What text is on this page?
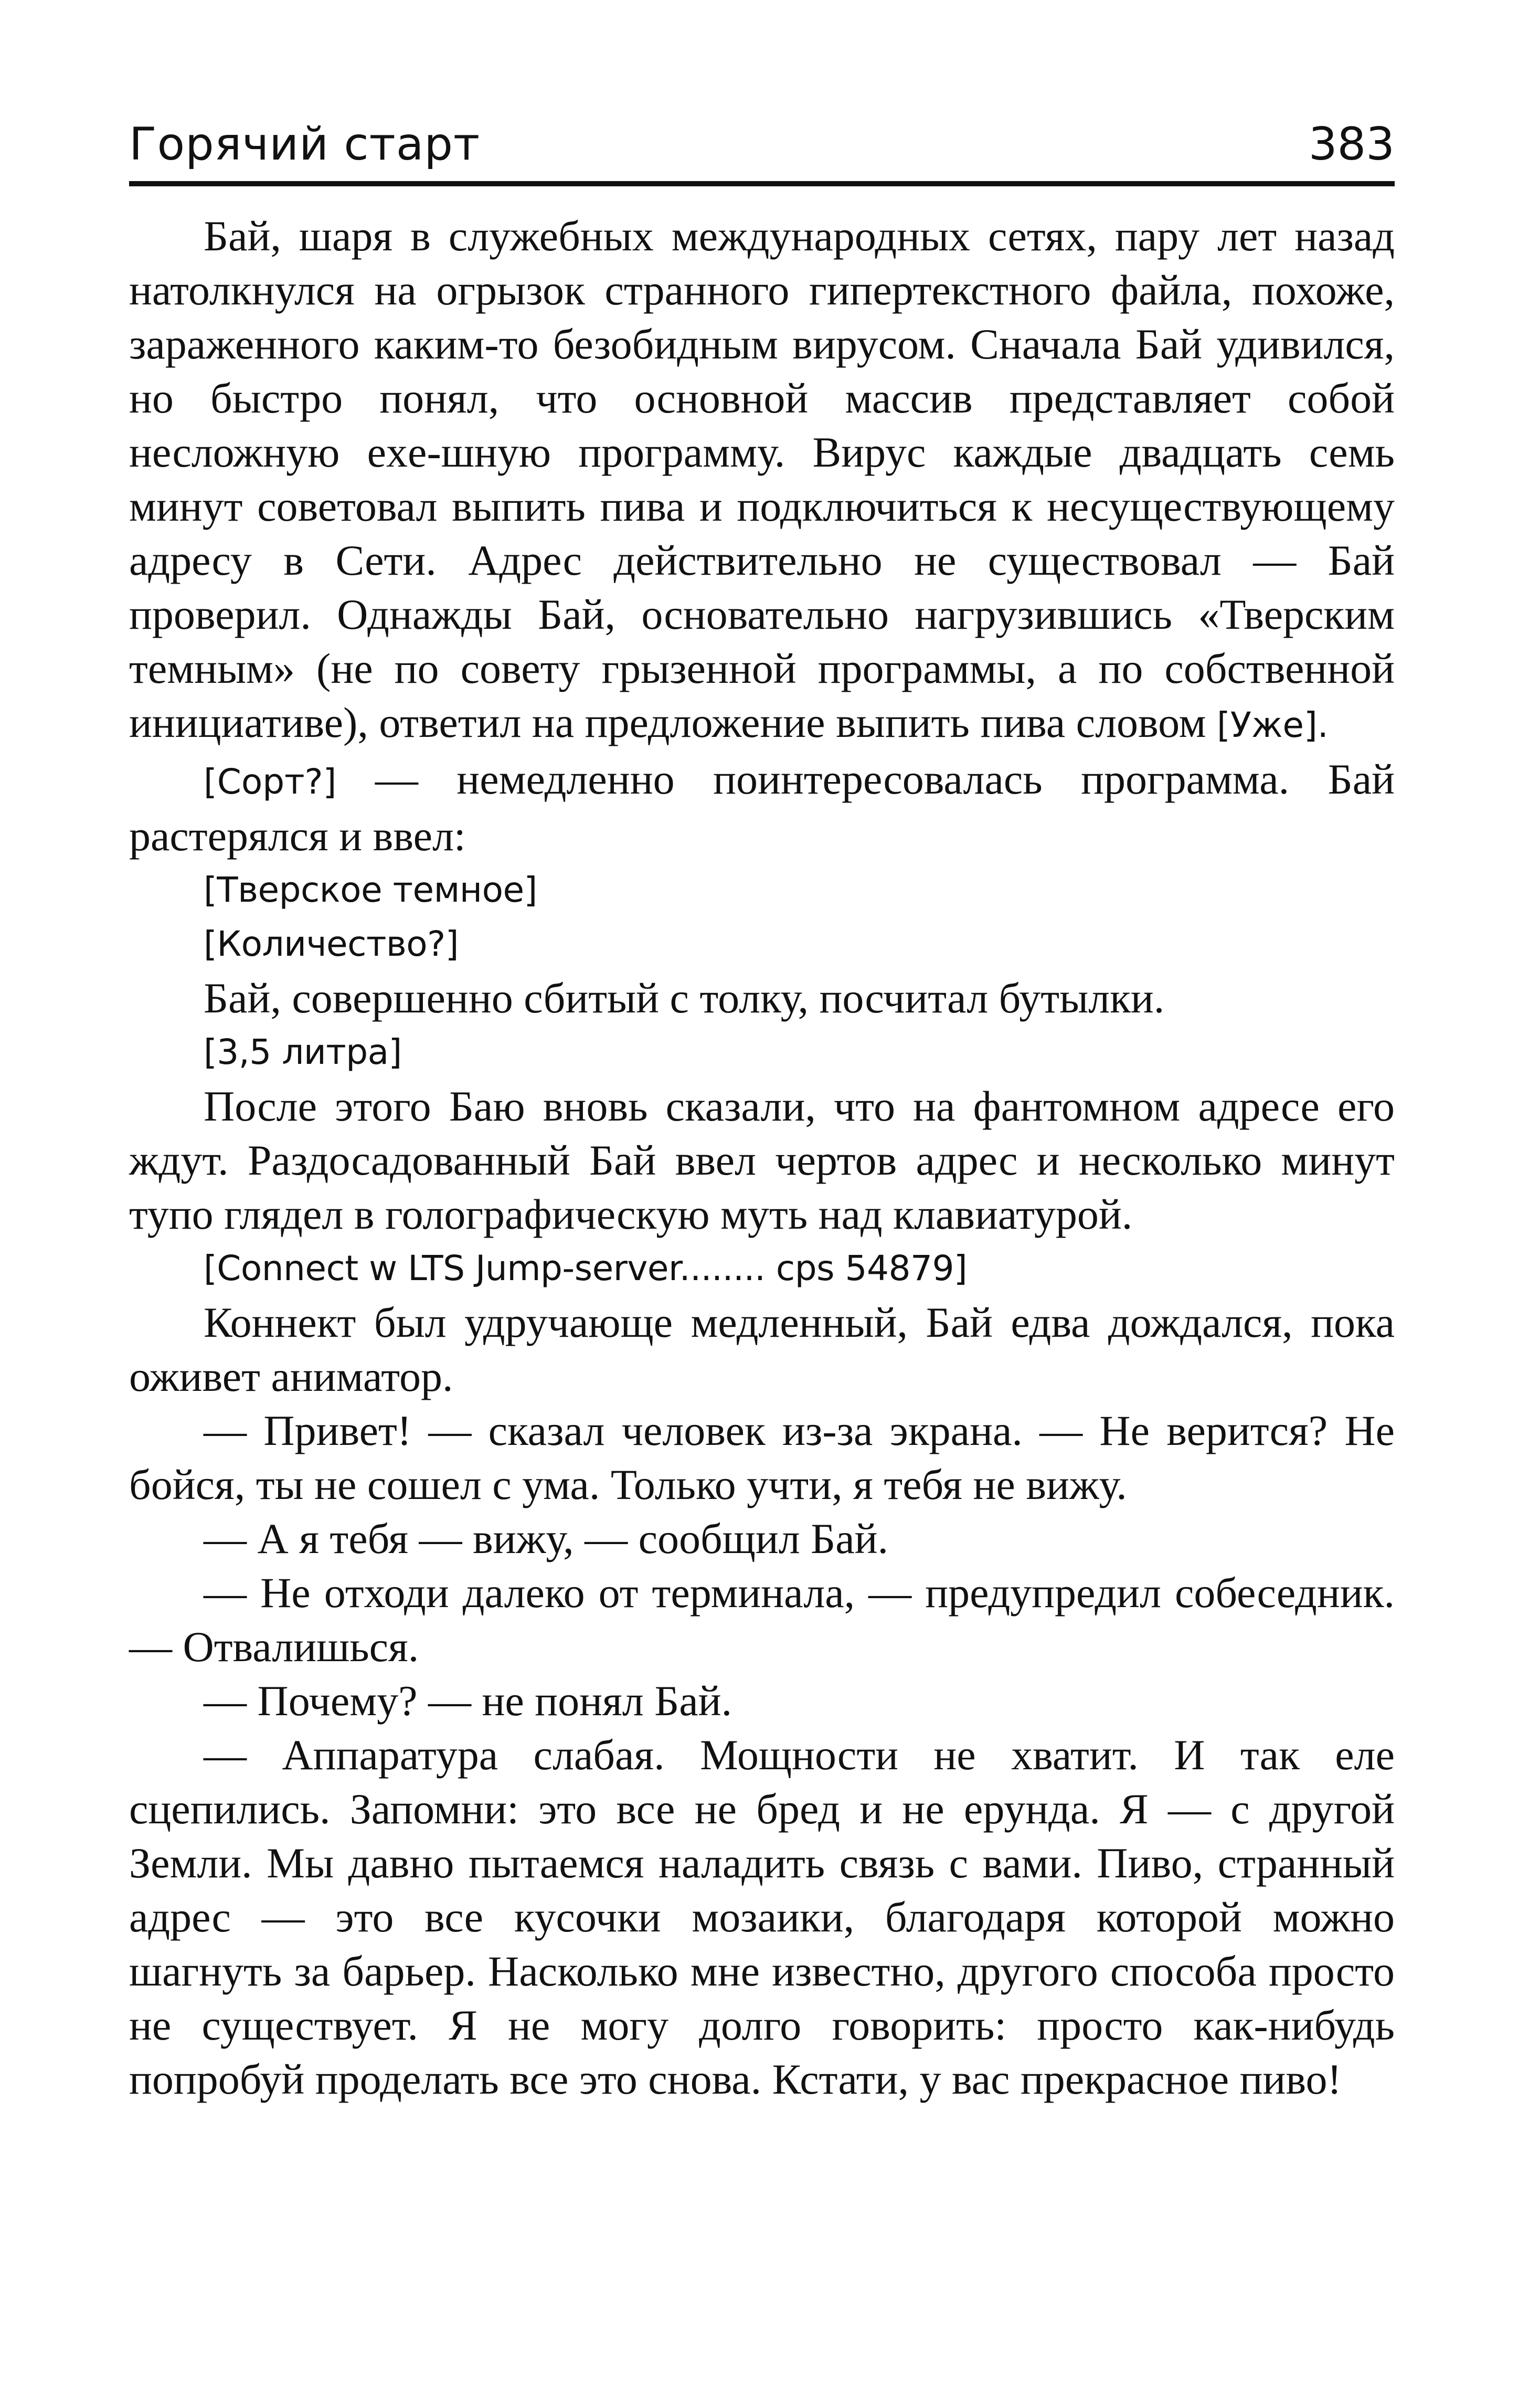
Горячий старт	383

Бай, шаря в служебных международных сетях, пару лет назад натолкнулся на огрызок странного гипертекстного файла, похоже, зараженного каким-то безобидным вирусом. Сначала Бай удивился, но быстро понял, что основной массив представляет собой несложную exe-шную программу. Вирус каждые двадцать семь минут советовал выпить пива и подключиться к несуществующему адресу в Сети. Адрес действительно не существовал — Бай проверил. Однажды Бай, основательно нагрузившись «Тверским темным» (не по совету грызенной программы, а по собственной инициативе), ответил на предложение выпить пива словом [Уже].

[Сорт?] — немедленно поинтересовалась программа. Бай растерялся и ввел:

[Тверское темное]

[Количество?]

Бай, совершенно сбитый с толку, посчитал бутылки.

[3,5 литра]

После этого Баю вновь сказали, что на фантомном адресе его ждут. Раздосадованный Бай ввел чертов адрес и несколько минут тупо глядел в голографическую муть над клавиатурой.

[Connect w LTS Jump-server........ cps 54879]

Коннект был удручающе медленный, Бай едва дождался, пока оживет аниматор.

— Привет! — сказал человек из-за экрана. — Не верится? Не бойся, ты не сошел с ума. Только учти, я тебя не вижу.

— А я тебя — вижу, — сообщил Бай.

— Не отходи далеко от терминала, — предупредил собеседник. — Отвалишься.

— Почему? — не понял Бай.

— Аппаратура слабая. Мощности не хватит. И так еле сцепились. Запомни: это все не бред и не ерунда. Я — с другой Земли. Мы давно пытаемся наладить связь с вами. Пиво, странный адрес — это все кусочки мозаики, благодаря которой можно шагнуть за барьер. Насколько мне известно, другого способа просто не существует. Я не могу долго говорить: просто как-нибудь попробуй проделать все это снова. Кстати, у вас прекрасное пиво!
